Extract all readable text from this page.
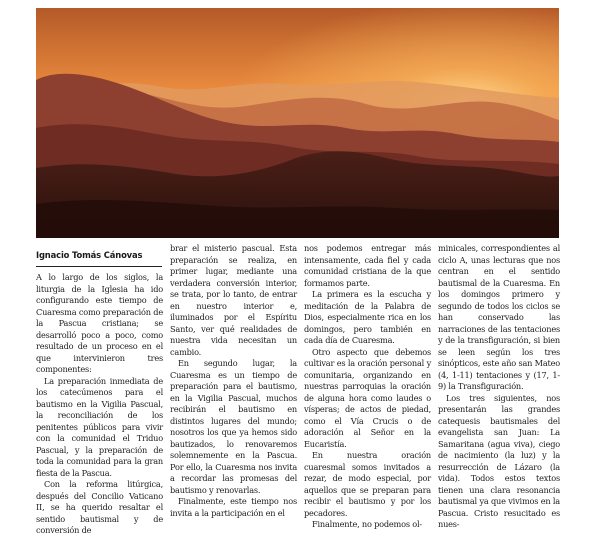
Ignacio Tomás Cánovas

A lo largo de los siglos, la liturgia de la Iglesia ha ido configurando este tiempo de Cuaresma como preparación de la Pascua cristiana; se desarrolló poco a poco, como resultado de un proceso en el que intervinieron tres componentes:

La preparación inmediata de los catecúmenos para el bautismo en la Vigilia Pascual, la reconciliación de los penitentes públicos para vivir con la comunidad el Triduo Pascual, y la preparación de toda la comunidad para la gran fiesta de la Pascua.

Con la reforma litúrgica, después del Concilio Vaticano II, se ha querido resaltar el sentido bautismal y de conversión de

brar el misterio pascual. Esta preparación se realiza, en primer lugar, mediante una verdadera conversión interior, se trata, por lo tanto, de entrar en nuestro interior e, iluminados por el Espíritu Santo, ver qué realidades de nuestra vida necesitan un cambio.

En segundo lugar, la Cuaresma es un tiempo de preparación para el bautismo, en la Vigilia Pascual, muchos recibirán el bautismo en distintos lugares del mundo; nosotros los que ya hemos sido bautizados, lo renovaremos solemnemente en la Pascua. Por ello, la Cuaresma nos invita a recordar las promesas del bautismo y renovarlas.

Finalmente, este tiempo nos invita a la participación en el

nos podemos entregar más intensamente, cada fiel y cada comunidad cristiana de la que formamos parte.

La primera es la escucha y meditación de la Palabra de Dios, especialmente rica en los domingos, pero también en cada día de Cuaresma.

Otro aspecto que debemos cultivar es la oración personal y comunitaria, organizando en nuestras parroquias la oración de alguna hora como laudes o vísperas; de actos de piedad, como el Vía Crucis o de adoración al Señor en la Eucaristía.

En nuestra oración cuaresmal somos invitados a rezar, de modo especial, por aquellos que se preparan para recibir el bautismo y por los pecadores.

Finalmente, no podemos ol-

minicales, correspondientes al ciclo A, unas lecturas que nos centran en el sentido bautismal de la Cuaresma. En los domingos primero y segundo de todos los ciclos se han conservado las narraciones de las tentaciones y de la transfiguración, si bien se leen según los tres sinópticos, este año san Mateo (4, 1-11) tentaciones y (17, 1-9) la Transfiguración.

Los tres siguientes, nos presentarán las grandes catequesis bautismales del evangelista san Juan: La Samaritana (agua viva), ciego de nacimiento (la luz) y la resurrección de Lázaro (la vida). Todos estos textos tienen una clara resonancia bautismal ya que vivimos en la Pascua. Cristo resucitado es nues-
